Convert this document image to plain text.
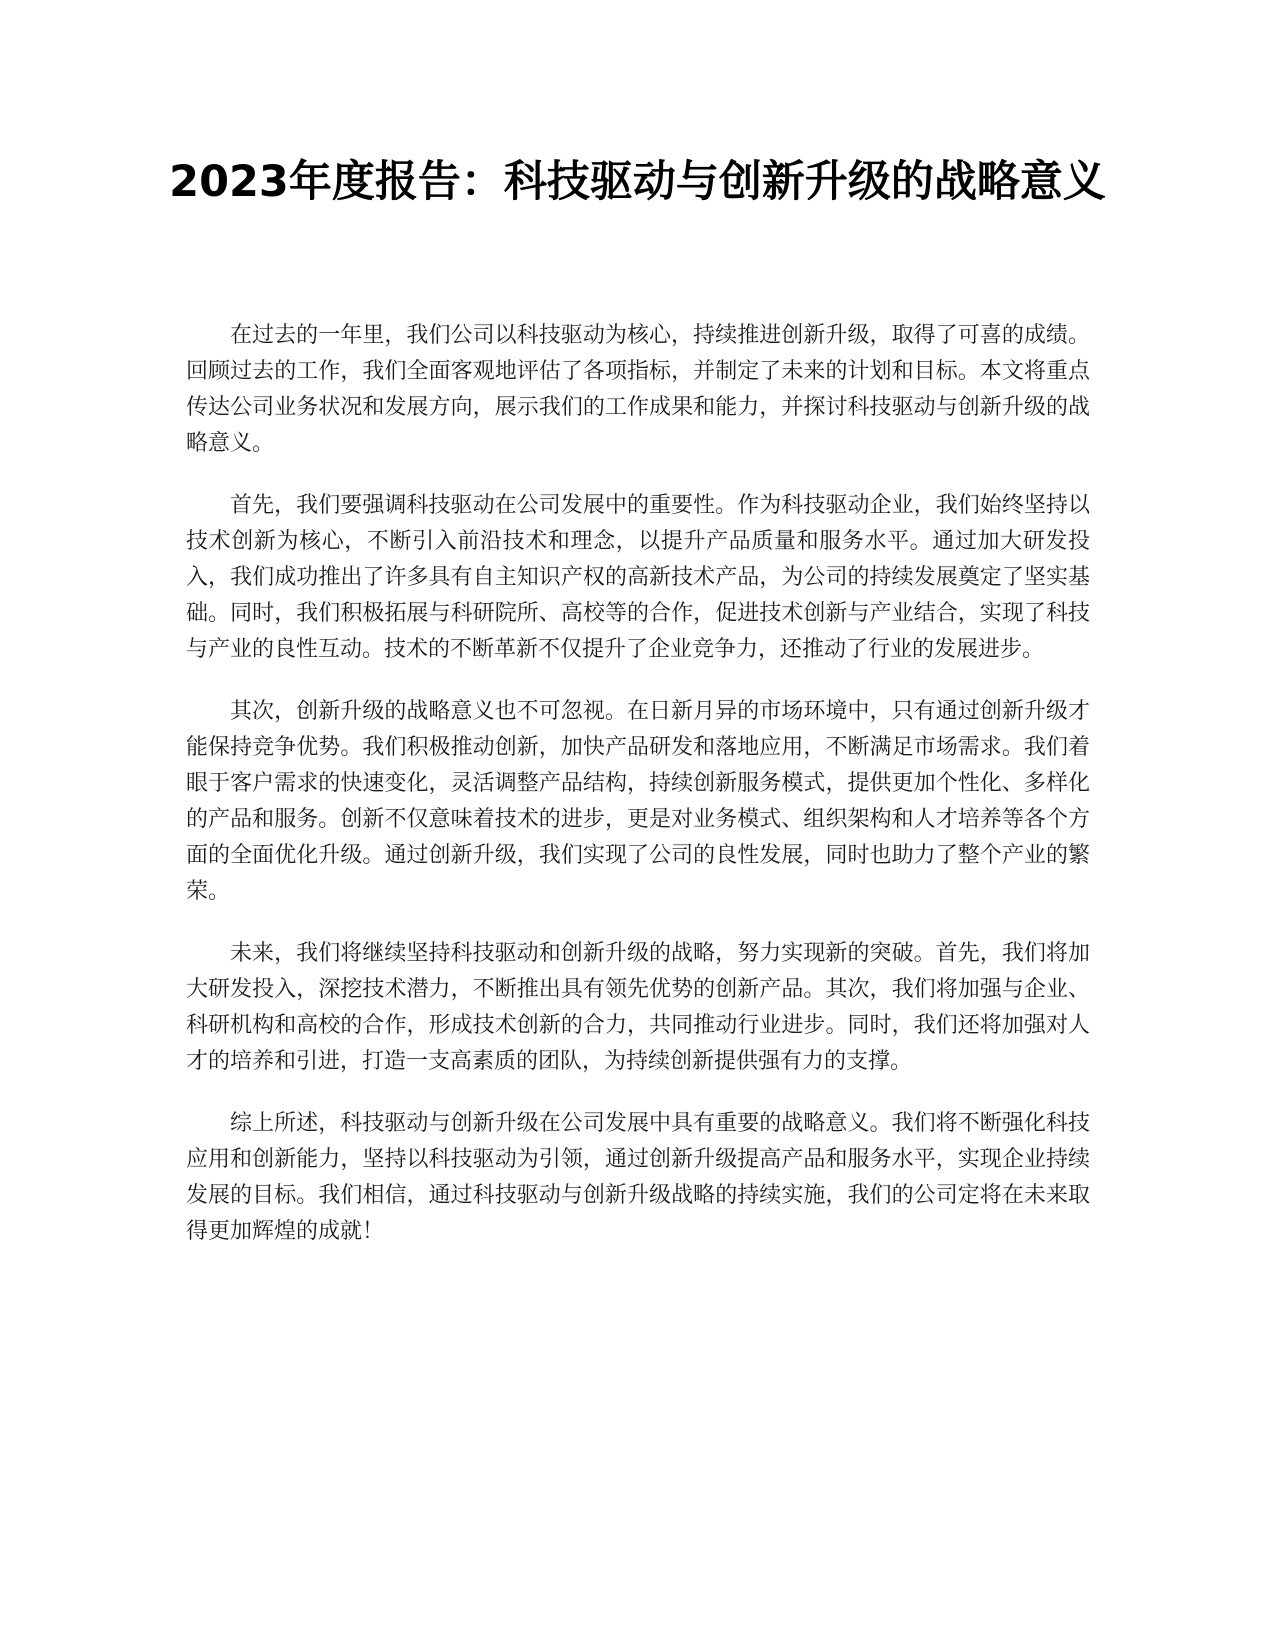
2023年度报告：科技驱动与创新升级的战略意义

在过去的一年里，我们公司以科技驱动为核心，持续推进创新升级，取得了可喜的成绩。回顾过去的工作，我们全面客观地评估了各项指标，并制定了未来的计划和目标。本文将重点传达公司业务状况和发展方向，展示我们的工作成果和能力，并探讨科技驱动与创新升级的战略意义。

首先，我们要强调科技驱动在公司发展中的重要性。作为科技驱动企业，我们始终坚持以技术创新为核心，不断引入前沿技术和理念，以提升产品质量和服务水平。通过加大研发投入，我们成功推出了许多具有自主知识产权的高新技术产品，为公司的持续发展奠定了坚实基础。同时，我们积极拓展与科研院所、高校等的合作，促进技术创新与产业结合，实现了科技与产业的良性互动。技术的不断革新不仅提升了企业竞争力，还推动了行业的发展进步。

其次，创新升级的战略意义也不可忽视。在日新月异的市场环境中，只有通过创新升级才能保持竞争优势。我们积极推动创新，加快产品研发和落地应用，不断满足市场需求。我们着眼于客户需求的快速变化，灵活调整产品结构，持续创新服务模式，提供更加个性化、多样化的产品和服务。创新不仅意味着技术的进步，更是对业务模式、组织架构和人才培养等各个方面的全面优化升级。通过创新升级，我们实现了公司的良性发展，同时也助力了整个产业的繁荣。

未来，我们将继续坚持科技驱动和创新升级的战略，努力实现新的突破。首先，我们将加大研发投入，深挖技术潜力，不断推出具有领先优势的创新产品。其次，我们将加强与企业、科研机构和高校的合作，形成技术创新的合力，共同推动行业进步。同时，我们还将加强对人才的培养和引进，打造一支高素质的团队，为持续创新提供强有力的支撑。

综上所述，科技驱动与创新升级在公司发展中具有重要的战略意义。我们将不断强化科技应用和创新能力，坚持以科技驱动为引领，通过创新升级提高产品和服务水平，实现企业持续发展的目标。我们相信，通过科技驱动与创新升级战略的持续实施，我们的公司定将在未来取得更加辉煌的成就！
